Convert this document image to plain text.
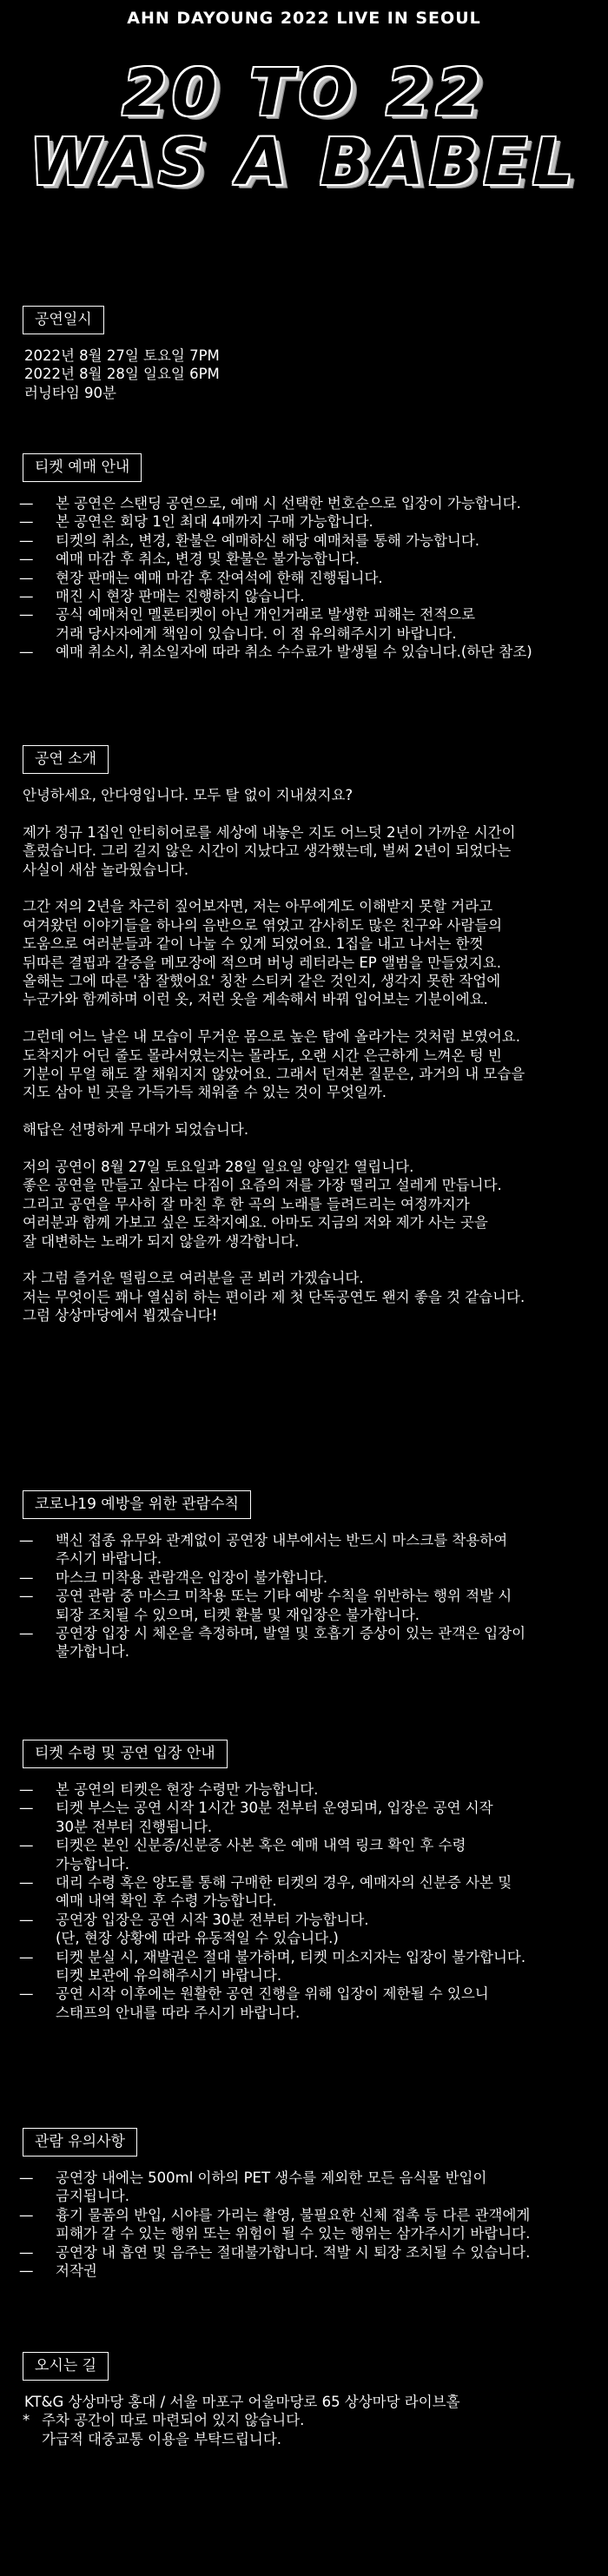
AHN DAYOUNG 2022 LIVE IN SEOUL
20 TO 22
WAS A BABEL
공연일시
2022년 8월 27일 토요일 7PM
2022년 8월 28일 일요일 6PM
러닝타임 90분
티켓 예매 안내
—	본 공연은 스탠딩 공연으로, 예매 시 선택한 번호순으로 입장이 가능합니다.
—	본 공연은 회당 1인 최대 4매까지 구매 가능합니다.
—	티켓의 취소, 변경, 환불은 예매하신 해당 예매처를 통해 가능합니다.
—	예매 마감 후 취소, 변경 및 환불은 불가능합니다.
—	현장 판매는 예매 마감 후 잔여석에 한해 진행됩니다.
—	매진 시 현장 판매는 진행하지 않습니다.
—	공식 예매처인 멜론티켓이 아닌 개인거래로 발생한 피해는 전적으로
거래 당사자에게 책임이 있습니다. 이 점 유의해주시기 바랍니다.
—	예매 취소시, 취소일자에 따라 취소 수수료가 발생될 수 있습니다.(하단 참조)
공연 소개
안녕하세요, 안다영입니다. 모두 탈 없이 지내셨지요?
제가 정규 1집인 안티히어로를 세상에 내놓은 지도 어느덧 2년이 가까운 시간이
흘렀습니다. 그리 길지 않은 시간이 지났다고 생각했는데, 벌써 2년이 되었다는
사실이 새삼 놀라웠습니다.
그간 저의 2년을 차근히 짚어보자면, 저는 아무에게도 이해받지 못할 거라고
여겨왔던 이야기들을 하나의 음반으로 엮었고 감사히도 많은 친구와 사람들의
도움으로 여러분들과 같이 나눌 수 있게 되었어요. 1집을 내고 나서는 한껏
뒤따른 결핍과 갈증을 메모장에 적으며 버닝 레터라는 EP 앨범을 만들었지요.
올해는 그에 따른 '참 잘했어요' 칭찬 스티커 같은 것인지, 생각지 못한 작업에
누군가와 함께하며 이런 옷, 저런 옷을 계속해서 바꿔 입어보는 기분이에요.
그런데 어느 날은 내 모습이 무거운 몸으로 높은 탑에 올라가는 것처럼 보였어요.
도착지가 어딘 줄도 몰라서였는지는 몰라도, 오랜 시간 은근하게 느껴온 텅 빈
기분이 무얼 해도 잘 채워지지 않았어요. 그래서 던져본 질문은, 과거의 내 모습을
지도 삼아 빈 곳을 가득가득 채워줄 수 있는 것이 무엇일까.
해답은 선명하게 무대가 되었습니다.
저의 공연이 8월 27일 토요일과 28일 일요일 양일간 열립니다.
좋은 공연을 만들고 싶다는 다짐이 요즘의 저를 가장 떨리고 설레게 만듭니다.
그리고 공연을 무사히 잘 마친 후 한 곡의 노래를 들려드리는 여정까지가
여러분과 함께 가보고 싶은 도착지예요. 아마도 지금의 저와 제가 사는 곳을
잘 대변하는 노래가 되지 않을까 생각합니다.
자 그럼 즐거운 떨림으로 여러분을 곧 뵈러 가겠습니다.
저는 무엇이든 꽤나 열심히 하는 편이라 제 첫 단독공연도 왠지 좋을 것 같습니다.
그럼 상상마당에서 뵙겠습니다!
코로나19 예방을 위한 관람수칙
—	백신 접종 유무와 관계없이 공연장 내부에서는 반드시 마스크를 착용하여
주시기 바랍니다.
—	마스크 미착용 관람객은 입장이 불가합니다.
—	공연 관람 중 마스크 미착용 또는 기타 예방 수칙을 위반하는 행위 적발 시
퇴장 조치될 수 있으며, 티켓 환불 및 재입장은 불가합니다.
—	공연장 입장 시 체온을 측정하며, 발열 및 호흡기 증상이 있는 관객은 입장이
불가합니다.
티켓 수령 및 공연 입장 안내
—	본 공연의 티켓은 현장 수령만 가능합니다.
—	티켓 부스는 공연 시작 1시간 30분 전부터 운영되며, 입장은 공연 시작
30분 전부터 진행됩니다.
—	티켓은 본인 신분증/신분증 사본 혹은 예매 내역 링크 확인 후 수령
가능합니다.
—	대리 수령 혹은 양도를 통해 구매한 티켓의 경우, 예매자의 신분증 사본 및
예매 내역 확인 후 수령 가능합니다.
—	공연장 입장은 공연 시작 30분 전부터 가능합니다.
(단, 현장 상황에 따라 유동적일 수 있습니다.)
—	티켓 분실 시, 재발권은 절대 불가하며, 티켓 미소지자는 입장이 불가합니다.
티켓 보관에 유의해주시기 바랍니다.
—	공연 시작 이후에는 원활한 공연 진행을 위해 입장이 제한될 수 있으니
스태프의 안내를 따라 주시기 바랍니다.
관람 유의사항
—	공연장 내에는 500ml 이하의 PET 생수를 제외한 모든 음식물 반입이
금지됩니다.
—	흉기 물품의 반입, 시야를 가리는 촬영, 불필요한 신체 접촉 등 다른 관객에게
피해가 갈 수 있는 행위 또는 위험이 될 수 있는 행위는 삼가주시기 바랍니다.
—	공연장 내 흡연 및 음주는 절대불가합니다. 적발 시 퇴장 조치될 수 있습니다.
—	저작권
오시는 길
KT&G 상상마당 홍대 / 서울 마포구 어울마당로 65 상상마당 라이브홀
* 주차 공간이 따로 마련되어 있지 않습니다.
가급적 대중교통 이용을 부탁드립니다.
